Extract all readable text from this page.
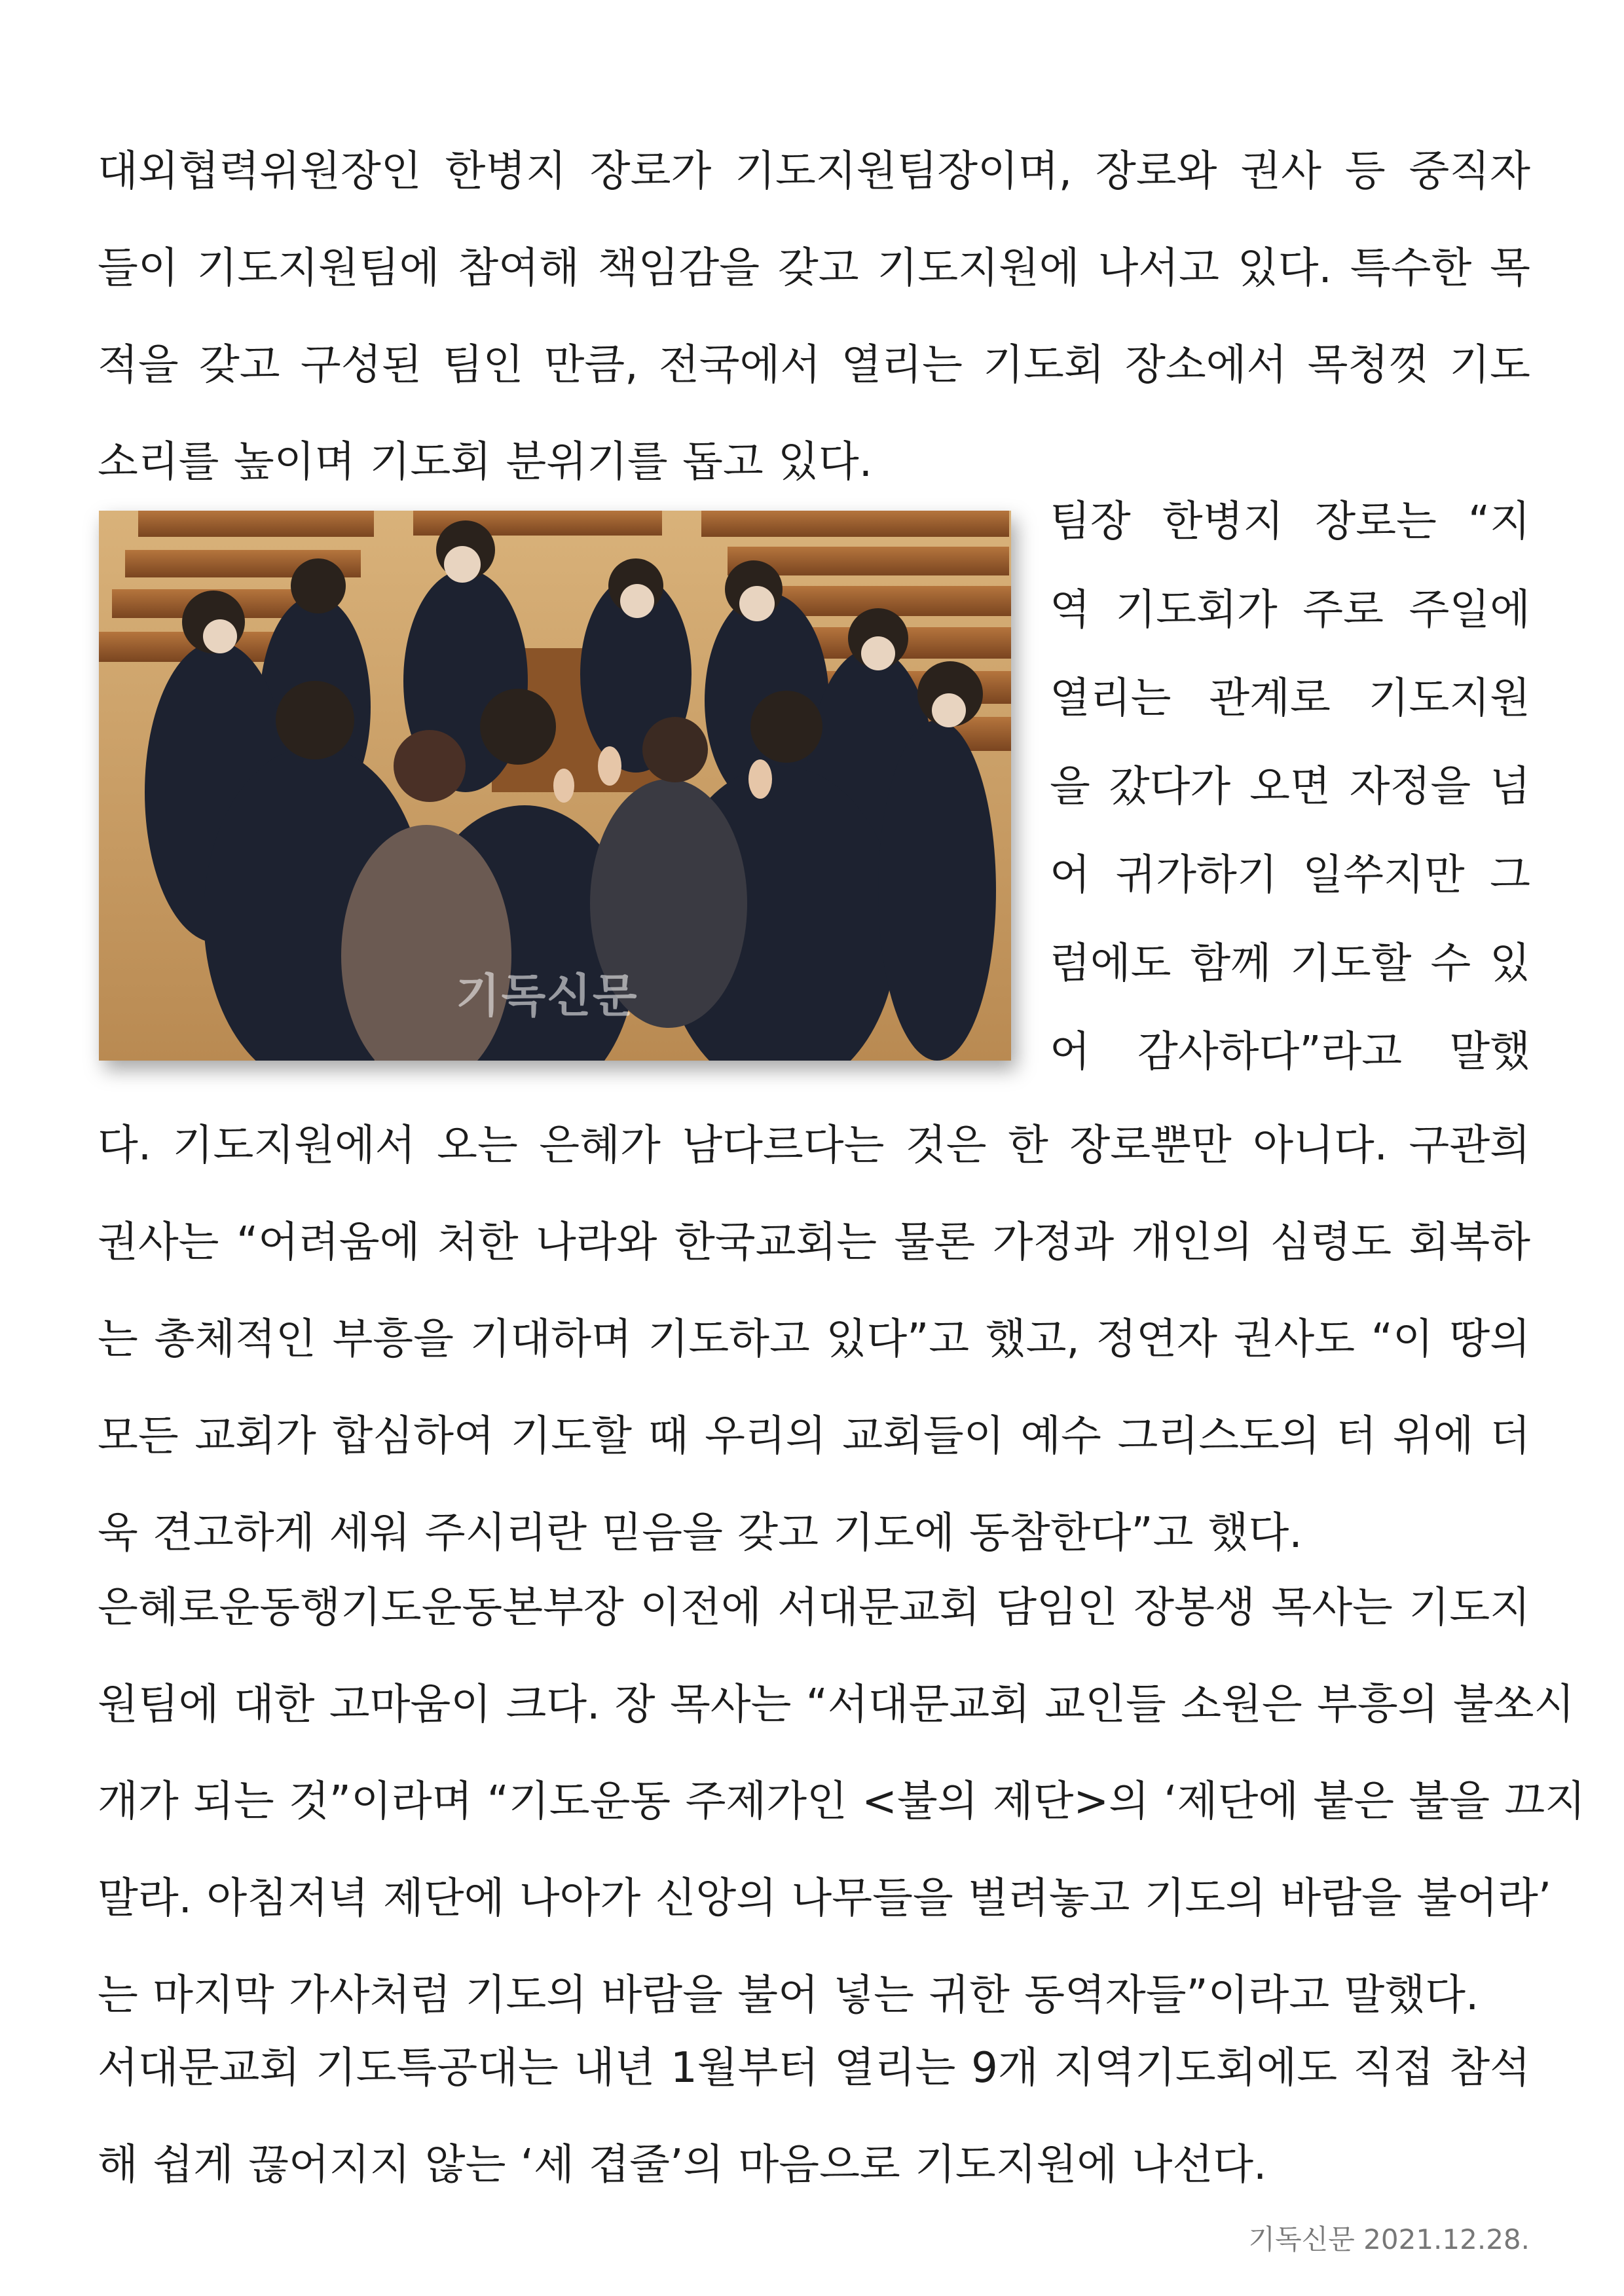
대외협력위원장인 한병지 장로가 기도지원팀장이며, 장로와 권사 등 중직자
들이 기도지원팀에 참여해 책임감을 갖고 기도지원에 나서고 있다. 특수한 목
적을 갖고 구성된 팀인 만큼, 전국에서 열리는 기도회 장소에서 목청껏 기도
소리를 높이며 기도회 분위기를 돕고 있다.
기독신문
팀장 한병지 장로는 “지
역 기도회가 주로 주일에
열리는 관계로 기도지원
을 갔다가 오면 자정을 넘
어 귀가하기 일쑤지만 그
럼에도 함께 기도할 수 있
어 감사하다”라고 말했
다. 기도지원에서 오는 은혜가 남다르다는 것은 한 장로뿐만 아니다. 구관희
권사는 “어려움에 처한 나라와 한국교회는 물론 가정과 개인의 심령도 회복하
는 총체적인 부흥을 기대하며 기도하고 있다”고 했고, 정연자 권사도 “이 땅의
모든 교회가 합심하여 기도할 때 우리의 교회들이 예수 그리스도의 터 위에 더
욱 견고하게 세워 주시리란 믿음을 갖고 기도에 동참한다”고 했다.
은혜로운동행기도운동본부장 이전에 서대문교회 담임인 장봉생 목사는 기도지
원팀에 대한 고마움이 크다. 장 목사는 “서대문교회 교인들 소원은 부흥의 불쏘시
개가 되는 것”이라며 “기도운동 주제가인 <불의 제단>의 ‘제단에 붙은 불을 끄지
말라. 아침저녁 제단에 나아가 신앙의 나무들을 벌려놓고 기도의 바람을 불어라’
는 마지막 가사처럼 기도의 바람을 불어 넣는 귀한 동역자들”이라고 말했다.
서대문교회 기도특공대는 내년 1월부터 열리는 9개 지역기도회에도 직접 참석
해 쉽게 끊어지지 않는 ‘세 겹줄’의 마음으로 기도지원에 나선다.
기독신문 2021.12.28.
